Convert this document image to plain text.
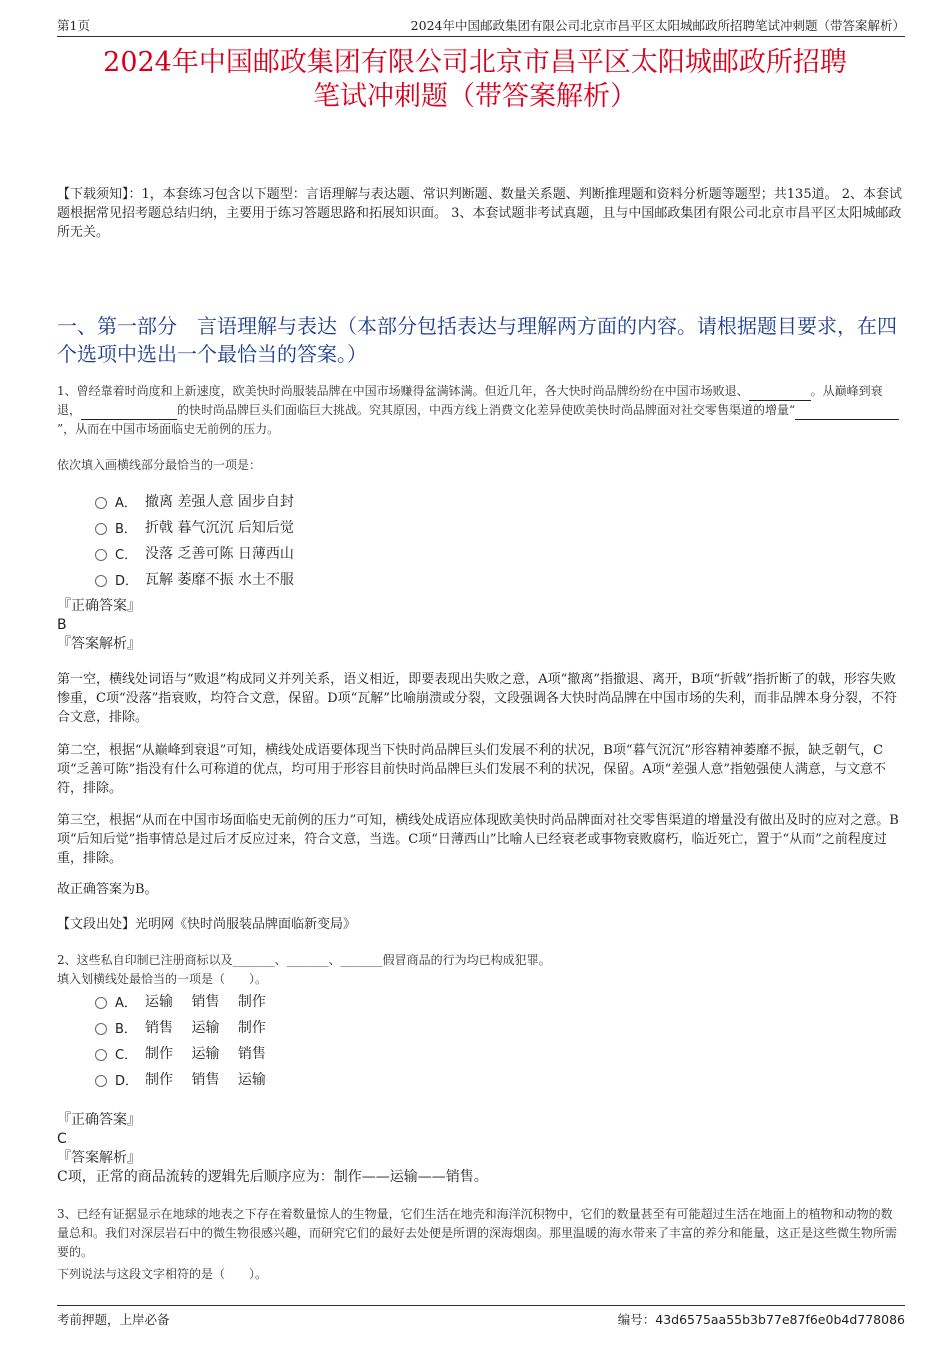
第1页	2024年中国邮政集团有限公司北京市昌平区太阳城邮政所招聘笔试冲刺题（带答案解析）
2024年中国邮政集团有限公司北京市昌平区太阳城邮政所招聘
笔试冲刺题（带答案解析）
【下载须知】：1，本套练习包含以下题型：言语理解与表达题、常识判断题、数量关系题、判断推理题和资料分析题等题型；共135道。 2、本套试题根据常见招考题总结归纳，主要用于练习答题思路和拓展知识面。 3、本套试题非考试真题，且与中国邮政集团有限公司北京市昌平区太阳城邮政所无关。
一、第一部分　言语理解与表达（本部分包括表达与理解两方面的内容。请根据题目要求，在四个选项中选出一个最恰当的答案。）
1、曾经靠着时尚度和上新速度，欧美快时尚服装品牌在中国市场赚得盆满钵满。但近几年，各大快时尚品牌纷纷在中国市场败退、	。从巅峰到衰退，	的快时尚品牌巨头们面临巨大挑战。究其原因，中西方线上消费文化差异使欧美快时尚品牌面对社交零售渠道的增量“”，从而在中国市场面临史无前例的压力。
依次填入画横线部分最恰当的一项是：
A． 撤离 差强人意 固步自封
B． 折戟 暮气沉沉 后知后觉
C． 没落 乏善可陈 日薄西山
D． 瓦解 萎靡不振 水土不服
『正确答案』
B
『答案解析』
第一空，横线处词语与“败退”构成同义并列关系，语义相近，即要表现出失败之意，A项“撤离”指撤退、离开，B项“折戟”指折断了的戟，形容失败惨重，C项“没落”指衰败，均符合文意，保留。D项“瓦解”比喻崩溃或分裂，文段强调各大快时尚品牌在中国市场的失利，而非品牌本身分裂，不符合文意，排除。
第二空，根据“从巅峰到衰退”可知，横线处成语要体现当下快时尚品牌巨头们发展不利的状况，B项“暮气沉沉”形容精神萎靡不振，缺乏朝气，C项“乏善可陈”指没有什么可称道的优点，均可用于形容目前快时尚品牌巨头们发展不利的状况，保留。A项“差强人意”指勉强使人满意，与文意不符，排除。
第三空，根据“从而在中国市场面临史无前例的压力”可知，横线处成语应体现欧美快时尚品牌面对社交零售渠道的增量没有做出及时的应对之意。B项“后知后觉”指事情总是过后才反应过来，符合文意，当选。C项“日薄西山”比喻人已经衰老或事物衰败腐朽，临近死亡，置于“从而”之前程度过重，排除。
故正确答案为B。
【文段出处】光明网《快时尚服装品牌面临新变局》
2、这些私自印制已注册商标以及_______、_______、_______假冒商品的行为均已构成犯罪。
填入划横线处最恰当的一项是（　　）。
A． 运输　 销售　 制作
B． 销售　 运输　 制作
C． 制作　 运输　 销售
D． 制作　 销售　 运输
『正确答案』
C
『答案解析』
C项，正常的商品流转的逻辑先后顺序应为：制作——运输——销售。
3、已经有证据显示在地球的地表之下存在着数量惊人的生物量，它们生活在地壳和海洋沉积物中，它们的数量甚至有可能超过生活在地面上的植物和动物的数量总和。我们对深层岩石中的微生物很感兴趣，而研究它们的最好去处便是所谓的深海烟囱。那里温暖的海水带来了丰富的养分和能量，这正是这些微生物所需要的。
下列说法与这段文字相符的是（　　）。
考前押题，上岸必备	编号：43d6575aa55b3b77e87f6e0b4d778086
